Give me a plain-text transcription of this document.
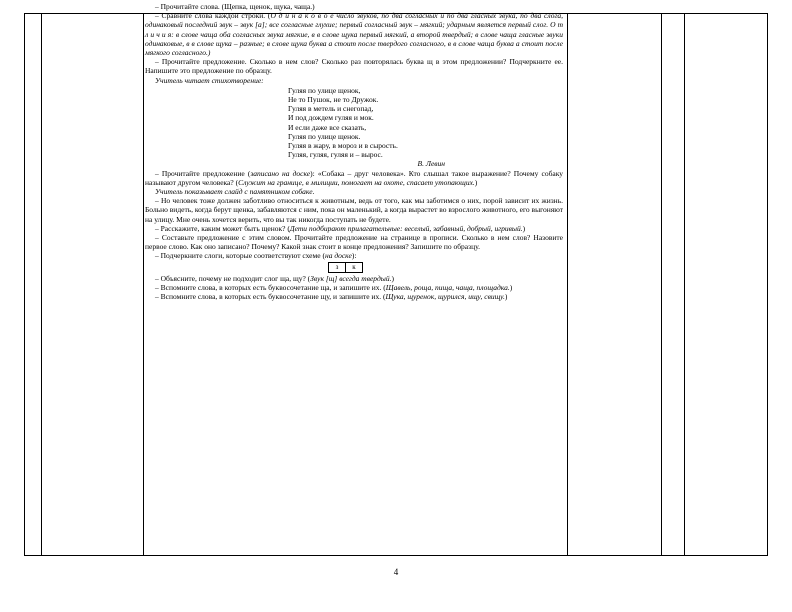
– Прочитайте слова. (Щепка, щенок, щука, чаща.)

– Сравните слова каждой строки. (О д и н а к о в о е число звуков, по два согласных и по два гласных звука, по два слога, одинаковый последний звук – звук [а]; все согласные глухие; первый согласный звук – мягкий; ударным является первый слог. О т л и ч и я: в слове чаща оба согласных звука мягкие, в в слове щука первый мягкий, а второй твердый; в слове чаща гласные звуки одинаковые, в в слове щука – разные; в слове щука буква а стоит после твердого согласного, в в слове чаща буква а стоит после мягкого согласного.)

– Прочитайте предложение. Сколько в нем слов? Сколько раз повторялась буква щ в этом предложении? Подчеркните ее. Напишите это предложение по образцу.

Учитель читает стихотворение:

Гуляя по улице щенок,
Не то Пушок, не то Дружок.
Гуляя в метель и снегопад,
И под дождем гуляя и мок.
И если даже все сказать,
Гуляя по улице щенок.
Гуляя в жару, в мороз и в сырость.
Гуляя, гуляя, гуляя и – вырос.
В. Левин

– Прочитайте предложение (записано на доске): «Собака – друг человека». Кто слышал такое выражение? Почему собаку называют другом человека? (Служит на границе, в милиции, помогает на охоте, спасает утопающих.)

Учитель показывает слайд с памятником собаке.

– Но человек тоже должен заботливо относиться к животным, ведь от того, как мы заботимся о них, порой зависит их жизнь. Больно видеть, когда берут щенка, забавляются с ним, пока он маленький, а когда вырастет во взрослого животного, его выгоняют на улицу. Мне очень хочется верить, что вы так никогда поступать не будете.

– Расскажите, каким может быть щенок? (Дети подбирают прилагательные: веселый, забавный, добрый, игривый.)

– Составьте предложение с этим словом. Прочитайте предложение на странице в прописи. Сколько в нем слов? Назовите первое слово. Как оно записано? Почему? Какой знак стоит в конце предложения? Запишите по образцу.

– Подчеркните слоги, которые соответствуют схеме (на доске):

з	к

– Объясните, почему не подходит слог ща, щу? (Звук [щ] всегда твердый.)

– Вспомните слова, в которых есть буквосочетание ща, и запишите их. (Щавель, роща, пища, чаща, площадка.)

– Вспомните слова, в которых есть буквосочетание щу, и запишите их. (Щука, щуренок, щурился, ищу, свищу.)

4
